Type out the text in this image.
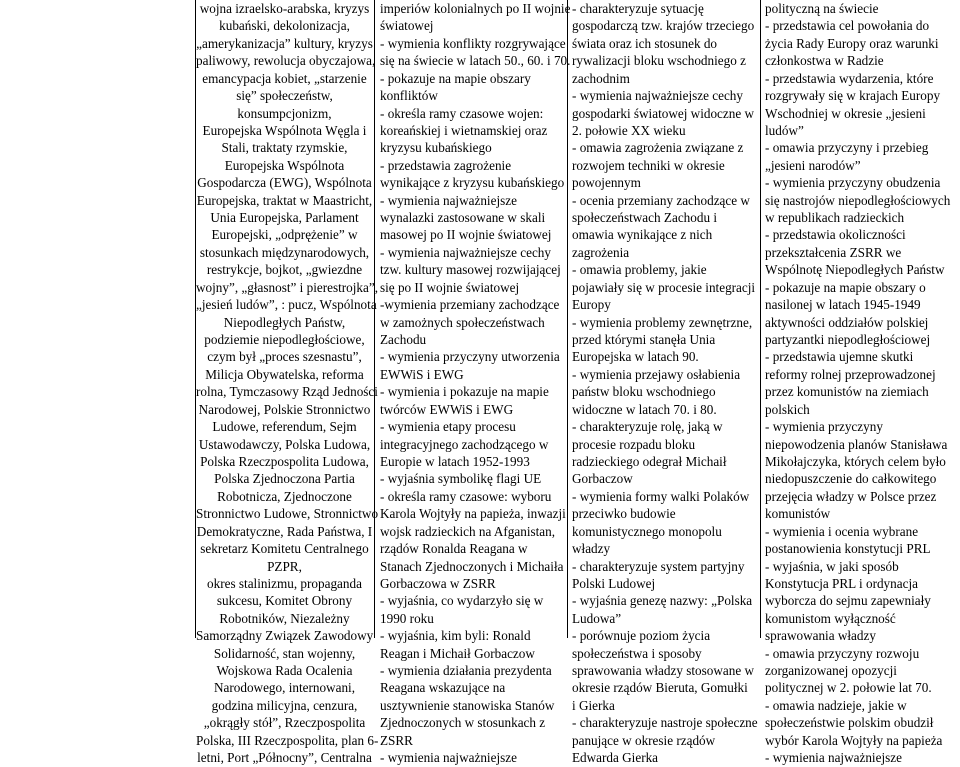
wojna izraelsko-arabska, kryzys
kubański, dekolonizacja,
„amerykanizacja” kultury, kryzys
paliwowy, rewolucja obyczajowa,
emancypacja kobiet, „starzenie
się” społeczeństw,
konsumpcjonizm,
Europejska Wspólnota Węgla i
Stali, traktaty rzymskie,
Europejska Wspólnota
Gospodarcza (EWG), Wspólnota
Europejska, traktat w Maastricht,
Unia Europejska, Parlament
Europejski, „odprężenie” w
stosunkach międzynarodowych,
restrykcje, bojkot, „gwiezdne
wojny”, „głasnost” i pierestrojka”,
„jesień ludów”, : pucz, Wspólnota
Niepodległych Państw,
podziemie niepodległościowe,
czym był „proces szesnastu”,
Milicja Obywatelska, reforma
rolna, Tymczasowy Rząd Jedności
Narodowej, Polskie Stronnictwo
Ludowe, referendum, Sejm
Ustawodawczy, Polska Ludowa,
Polska Rzeczpospolita Ludowa,
Polska Zjednoczona Partia
Robotnicza, Zjednoczone
Stronnictwo Ludowe, Stronnictwo
Demokratyczne, Rada Państwa, I
sekretarz Komitetu Centralnego
PZPR,
okres stalinizmu, propaganda
sukcesu, Komitet Obrony
Robotników, Niezależny
Samorządny Związek Zawodowy
Solidarność, stan wojenny,
Wojskowa Rada Ocalenia
Narodowego, internowani,
godzina milicyjna, cenzura,
„okrągły stół”, Rzeczpospolita
Polska, III Rzeczpospolita, plan 6-
letni, Port „Północny”, Centralna
imperiów kolonialnych po II wojnie
światowej
- wymienia konflikty rozgrywające
się na świecie w latach 50., 60. i 70.
- pokazuje na mapie obszary
konfliktów
- określa ramy czasowe wojen:
koreańskiej i wietnamskiej oraz
kryzysu kubańskiego
- przedstawia zagrożenie
wynikające z kryzysu kubańskiego
- wymienia najważniejsze
wynalazki zastosowane w skali
masowej po II wojnie światowej
- wymienia najważniejsze cechy
tzw. kultury masowej rozwijającej
się po II wojnie światowej
-wymienia przemiany zachodzące
w zamożnych społeczeństwach
Zachodu
- wymienia przyczyny utworzenia
EWWiS i EWG
- wymienia i pokazuje na mapie
twórców EWWiS i EWG
- wymienia etapy procesu
integracyjnego zachodzącego w
Europie w latach 1952-1993
- wyjaśnia symbolikę flagi UE
- określa ramy czasowe: wyboru
Karola Wojtyły na papieża, inwazji
wojsk radzieckich na Afganistan,
rządów Ronalda Reagana w
Stanach Zjednoczonych i Michaiła
Gorbaczowa w ZSRR
- wyjaśnia, co wydarzyło się w
1990 roku
- wyjaśnia, kim byli: Ronald
Reagan i Michaił Gorbaczow
- wymienia działania prezydenta
Reagana wskazujące na
usztywnienie stanowiska Stanów
Zjednoczonych w stosunkach z
ZSRR
- wymienia najważniejsze
- charakteryzuje sytuację
gospodarczą tzw. krajów trzeciego
świata oraz ich stosunek do
rywalizacji bloku wschodniego z
zachodnim
- wymienia najważniejsze cechy
gospodarki światowej widoczne w
2. połowie XX wieku
- omawia zagrożenia związane z
rozwojem techniki w okresie
powojennym
- ocenia przemiany zachodzące w
społeczeństwach Zachodu i
omawia wynikające z nich
zagrożenia
- omawia problemy, jakie
pojawiały się w procesie integracji
Europy
- wymienia problemy zewnętrzne,
przed którymi stanęła Unia
Europejska w latach 90.
- wymienia przejawy osłabienia
państw bloku wschodniego
widoczne w latach 70. i 80.
- charakteryzuje rolę, jaką w
procesie rozpadu bloku
radzieckiego odegrał Michaił
Gorbaczow
- wymienia formy walki Polaków
przeciwko budowie
komunistycznego monopolu
władzy
- charakteryzuje system partyjny
Polski Ludowej
- wyjaśnia genezę nazwy: „Polska
Ludowa”
- porównuje poziom życia
społeczeństwa i sposoby
sprawowania władzy stosowane w
okresie rządów Bieruta, Gomułki
i Gierka
- charakteryzuje nastroje społeczne
panujące w okresie rządów
Edwarda Gierka
polityczną na świecie
- przedstawia cel powołania do
życia Rady Europy oraz warunki
członkostwa w Radzie
- przedstawia wydarzenia, które
rozgrywały się w krajach Europy
Wschodniej w okresie „jesieni
ludów”
- omawia przyczyny i przebieg
„jesieni narodów”
- wymienia przyczyny obudzenia
się nastrojów niepodległościowych
w republikach radzieckich
- przedstawia okoliczności
przekształcenia ZSRR we
Wspólnotę Niepodległych Państw
- pokazuje na mapie obszary o
nasilonej w latach 1945-1949
aktywności oddziałów polskiej
partyzantki niepodległościowej
- przedstawia ujemne skutki
reformy rolnej przeprowadzonej
przez komunistów na ziemiach
polskich
- wymienia przyczyny
niepowodzenia planów Stanisława
Mikołajczyka, których celem było
niedopuszczenie do całkowitego
przejęcia władzy w Polsce przez
komunistów
- wymienia i ocenia wybrane
postanowienia konstytucji PRL
- wyjaśnia, w jaki sposób
Konstytucja PRL i ordynacja
wyborcza do sejmu zapewniały
komunistom wyłączność
sprawowania władzy
- omawia przyczyny rozwoju
zorganizowanej opozycji
politycznej w 2. połowie lat 70.
- omawia nadzieje, jakie w
społeczeństwie polskim obudził
wybór Karola Wojtyły na papieża
- wymienia najważniejsze
